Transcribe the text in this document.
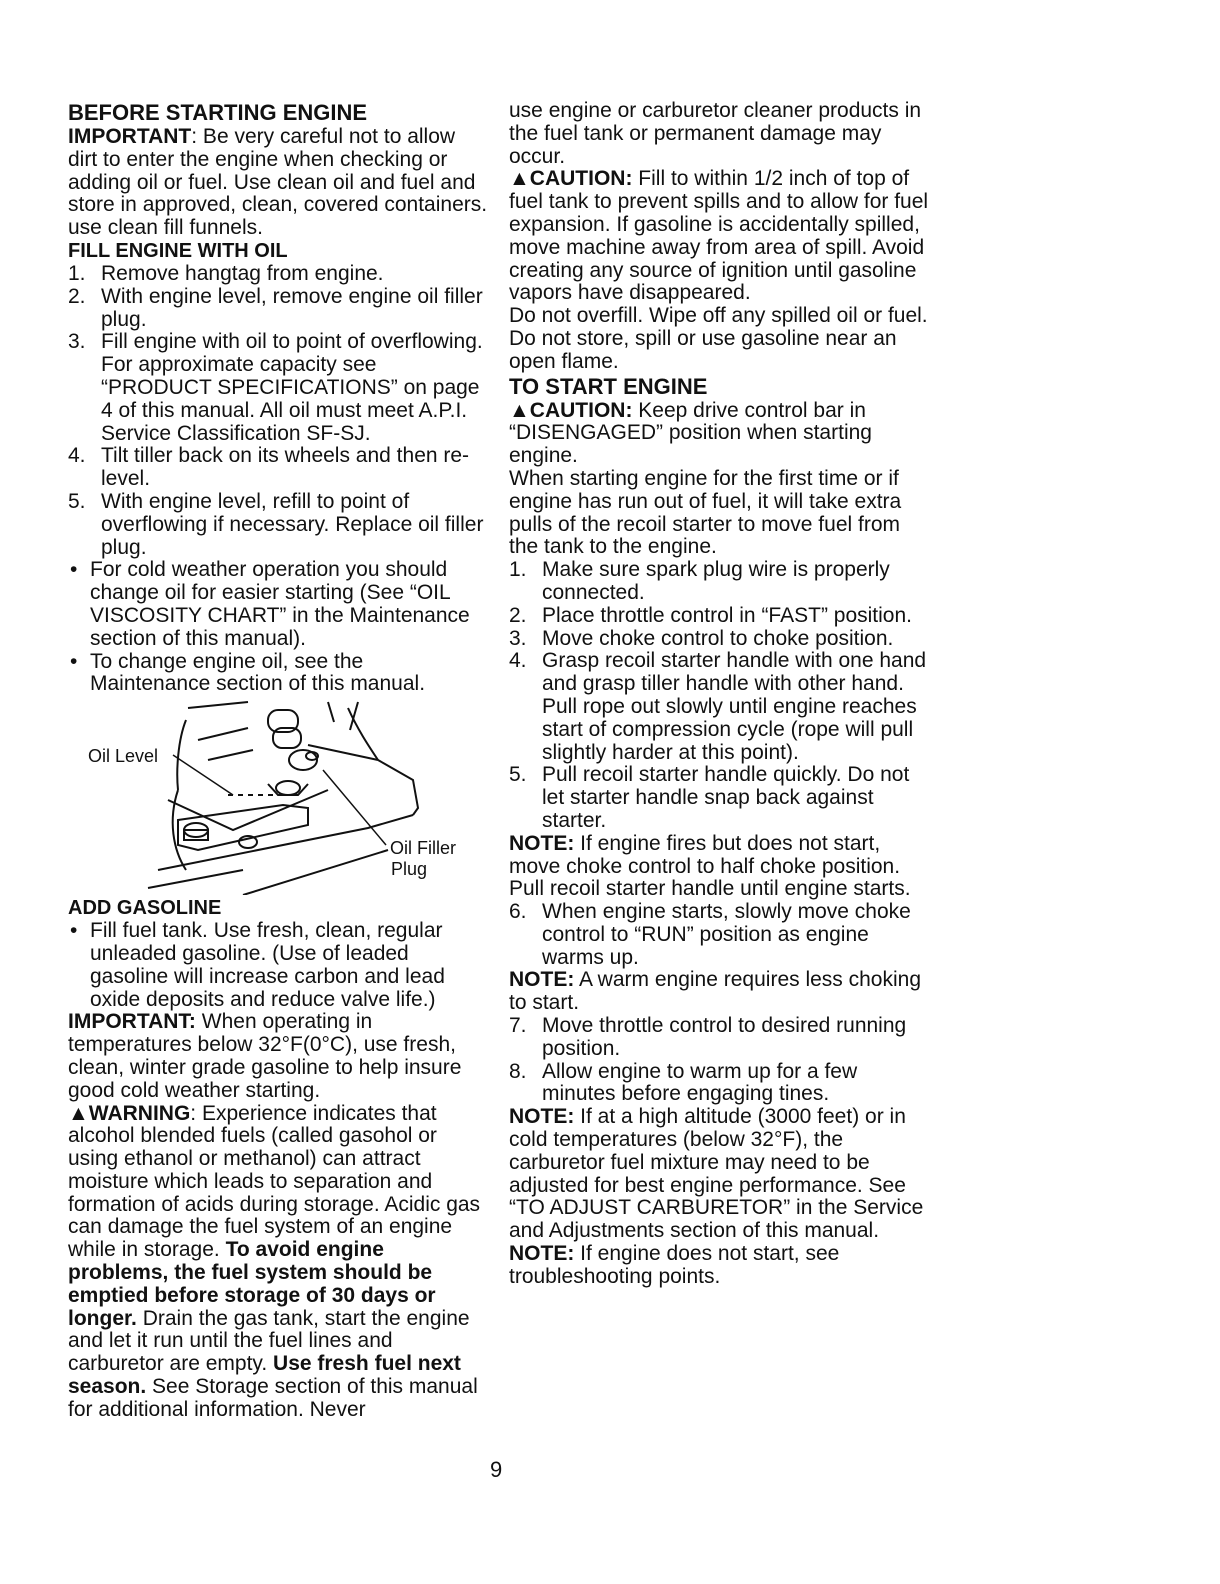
BEFORE STARTING ENGINE

IMPORTANT: Be very careful not to allow dirt to enter the engine when checking or adding oil or fuel. Use clean oil and fuel and store in approved, clean, covered containers. use clean fill funnels.

FILL ENGINE WITH OIL
1. Remove hangtag from engine.
2. With engine level, remove engine oil filler plug.
3. Fill engine with oil to point of overflowing. For approximate capacity see “PRODUCT SPECIFICATIONS” on page 4 of this manual. All oil must meet A.P.I. Service Classification SF-SJ.
4. Tilt tiller back on its wheels and then re-level.
5. With engine level, refill to point of overflowing if necessary. Replace oil filler plug.
• For cold weather operation you should change oil for easier starting (See “OIL VISCOSITY CHART” in the Maintenance section of this manual).
• To change engine oil, see the Maintenance section of this manual.
Oil Level
Oil Filler
Plug
ADD GASOLINE
• Fill fuel tank. Use fresh, clean, regular unleaded gasoline. (Use of leaded gasoline will increase carbon and lead oxide deposits and reduce valve life.)

IMPORTANT: When operating in temperatures below 32°F(0°C), use fresh, clean, winter grade gasoline to help insure good cold weather starting.

▲WARNING: Experience indicates that alcohol blended fuels (called gasohol or using ethanol or methanol) can attract moisture which leads to separation and formation of acids during storage. Acidic gas can damage the fuel system of an engine while in storage. To avoid engine problems, the fuel system should be emptied before storage of 30 days or longer. Drain the gas tank, start the engine and let it run until the fuel lines and carburetor are empty. Use fresh fuel next season. See Storage section of this manual for additional information. Never

use engine or carburetor cleaner products in the fuel tank or permanent damage may occur.

▲CAUTION: Fill to within 1/2 inch of top of fuel tank to prevent spills and to allow for fuel expansion. If gasoline is accidentally spilled, move machine away from area of spill. Avoid creating any source of ignition until gasoline vapors have disappeared.

Do not overfill. Wipe off any spilled oil or fuel. Do not store, spill or use gasoline near an open flame.

TO START ENGINE

▲CAUTION: Keep drive control bar in “DISENGAGED” position when starting engine.

When starting engine for the first time or if engine has run out of fuel, it will take extra pulls of the recoil starter to move fuel from the tank to the engine.

1. Make sure spark plug wire is properly connected.
2. Place throttle control in “FAST” position.
3. Move choke control to choke position.
4. Grasp recoil starter handle with one hand and grasp tiller handle with other hand. Pull rope out slowly until engine reaches start of compression cycle (rope will pull slightly harder at this point).
5. Pull recoil starter handle quickly. Do not let starter handle snap back against starter.

NOTE: If engine fires but does not start, move choke control to half choke position. Pull recoil starter handle until engine starts.

6. When engine starts, slowly move choke control to “RUN” position as engine warms up.

NOTE: A warm engine requires less choking to start.

7. Move throttle control to desired running position.
8. Allow engine to warm up for a few minutes before engaging tines.

NOTE: If at a high altitude (3000 feet) or in cold temperatures (below 32°F), the carburetor fuel mixture may need to be adjusted for best engine performance. See “TO ADJUST CARBURETOR” in the Service and Adjustments section of this manual.

NOTE: If engine does not start, see troubleshooting points.

9
